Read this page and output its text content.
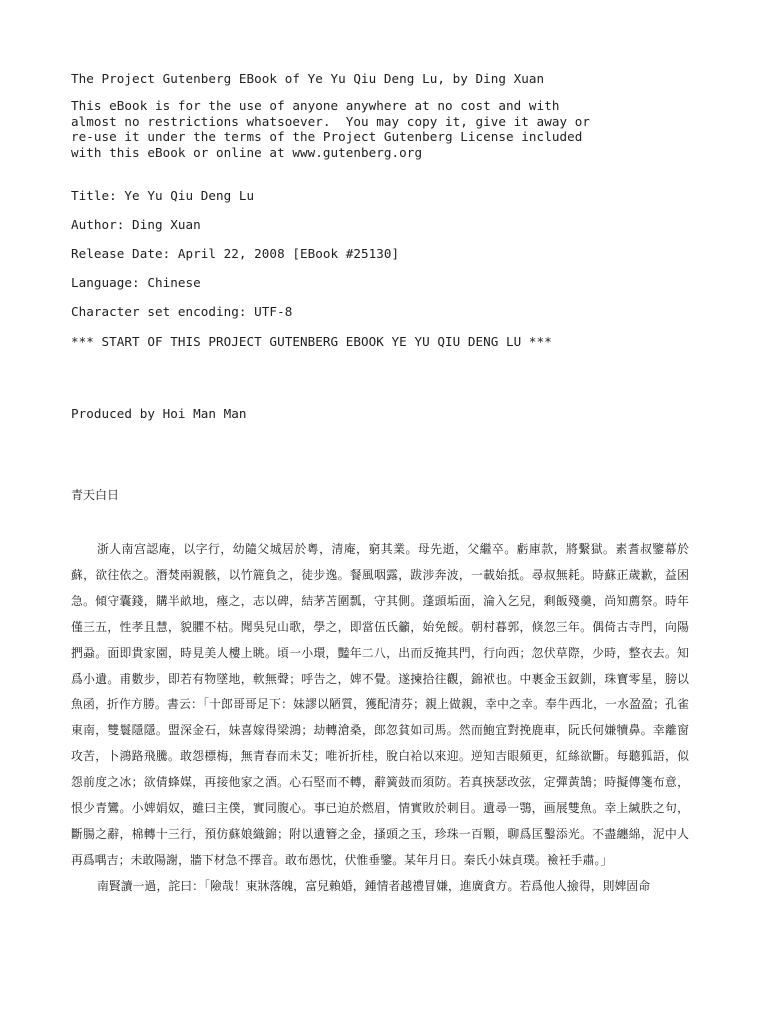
The Project Gutenberg EBook of Ye Yu Qiu Deng Lu, by Ding Xuan

This eBook is for the use of anyone anywhere at no cost and with

almost no restrictions whatsoever.  You may copy it, give it away or

re-use it under the terms of the Project Gutenberg License included

with this eBook or online at www.gutenberg.org

Title: Ye Yu Qiu Deng Lu

Author: Ding Xuan

Release Date: April 22, 2008 [EBook #25130]

Language: Chinese

Character set encoding: UTF-8

*** START OF THIS PROJECT GUTENBERG EBOOK YE YU QIU DENG LU ***

Produced by Hoi Man Man

青天白日

浙人南宫認庵，以字行，幼隨父城居於粵，清庵，窮其業。母先逝，父繼卒。虧庫款，將繫獄。素耆叔鑒幕於蘇，欲往依之。潛焚兩親骸，以竹簏負之，徒步逸。餐風咽露，跋涉奔波，一載始抵。尋叔無耗。時蘇正歲歉，益困急。傾守囊錢，購半畝地，瘞之，志以碑，結茅苫圍瓢，守其側。蓬頭垢面，淪入乞兒，剩飯殘羹，尚知薦祭。時年僅三五，性孝且慧，貌臞不枯。聞吳兒山歌，學之，即當伍氏籲，始免餒。朝村暮郭，倏忽三年。偶倚古寺門，向陽捫蝨。面即貴家園，時見美人樓上眺。頃一小環，豔年二八，出而反掩其門，行向西；忽伏草際，少時，整衣去。知爲小遺。甫數步，即若有物墜地，軟無聲；呼告之，婢不覺。遂揀拾往觀，錦袱也。中裹金玉釵釧，珠寶零星，膀以魚函，折作方勝。書云：「十郎哥哥足下：妹謬以陋質，獲配清芬；親上做親，幸中之幸。奉牛西北，一水盈盈；孔雀東南，雙鬟隱隱。盟深金石，妹喜嫁得梁鴻；劫轉滄桑，郎忽貧如司馬。然而鮑宜對挽鹿車，阮氏何嫌犢鼻。幸離窗攻苦，卜鴻路飛騰。敢怨標梅，無青春而未艾；唯祈折桂，脫白袷以來迎。逆知吉眼頻更，紅絲欲斷。每聽狐語，似怨前度之冰；欲倩蜂媒，再接他家之酒。心石堅而不轉，辭簧鼓而須防。若真挾瑟改弦，定彈黃鵠；時擬傳箋布意，恨少青鸞。小婢娟奴，雖曰主僕，實同腹心。事已迫於燃眉，情實敗於刺目。遺尋一鶚，画展雙魚。幸上緘胅之句，斷腸之辭，棉轉十三行，預仿蘇娘織錦；附以遺簪之金，搔頭之玉，珍珠一百顆，聊爲匡鑿添光。不盡纏綿，泥中人再爲喁吉；未敢陽謝，牆下材急不擇音。敢布愚忱，伏惟垂鑒。某年月日。秦氏小妹貞璞。襝衽手肅。」

南賢讀一過，詫曰：「險哉！東牀落魄，富兒賴婚，鍾情者越禮冒嫌，進廣貪方。若爲他人撿得，則婢固命
